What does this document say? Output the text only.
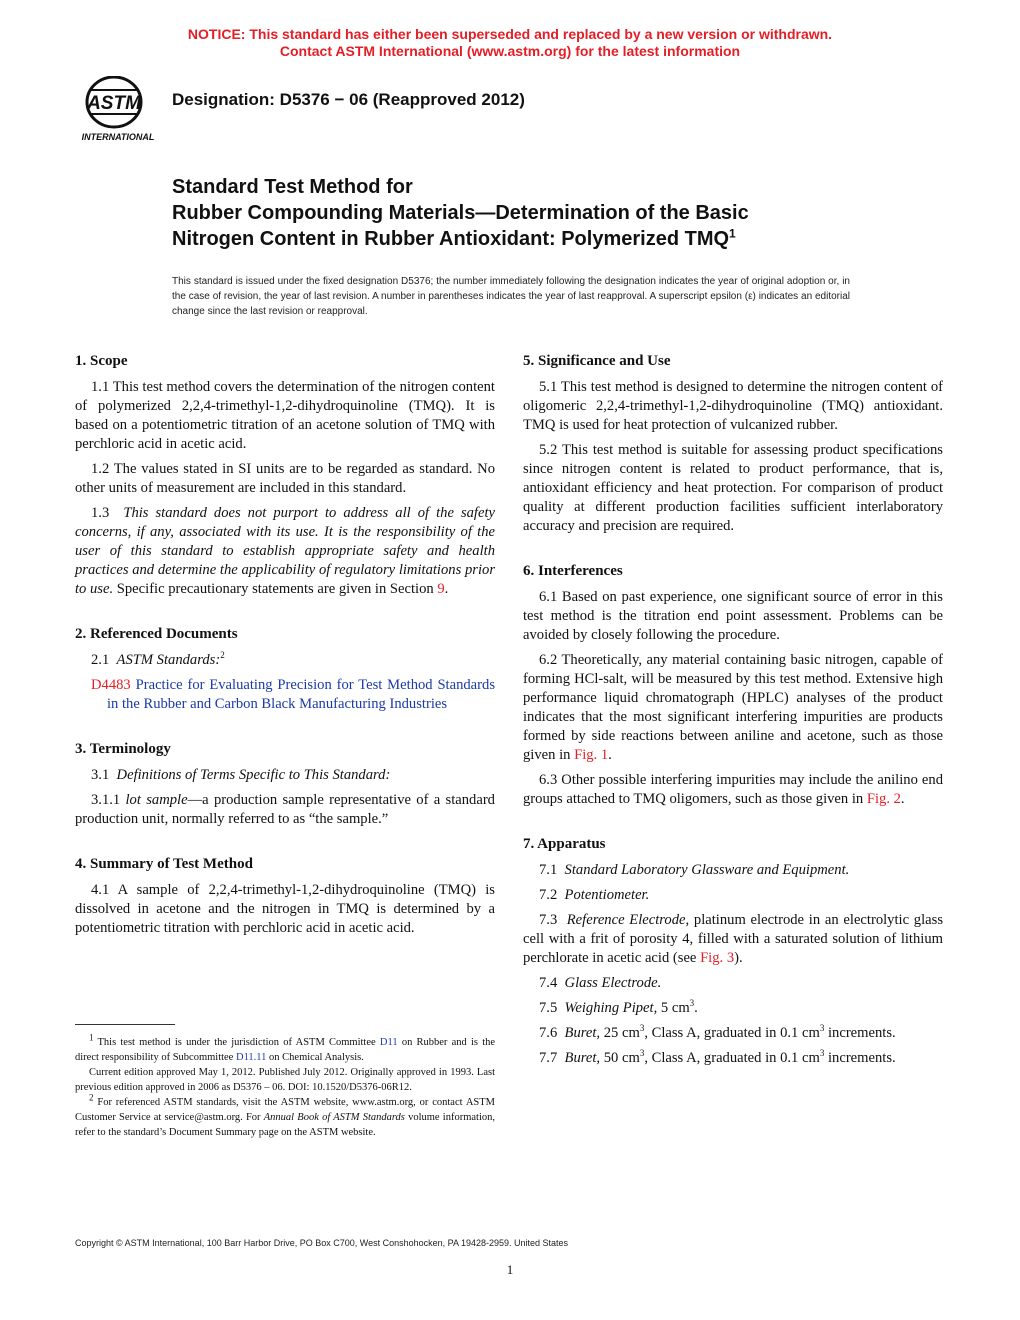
NOTICE: This standard has either been superseded and replaced by a new version or withdrawn.
Contact ASTM International (www.astm.org) for the latest information
ASTM
INTERNATIONAL
Designation: D5376 − 06 (Reapproved 2012)
Standard Test Method for
Rubber Compounding Materials—Determination of the Basic
Nitrogen Content in Rubber Antioxidant: Polymerized TMQ$^1$
This standard is issued under the fixed designation D5376; the number immediately following the designation indicates the year of original adoption or, in the case of revision, the year of last revision. A number in parentheses indicates the year of last reapproval. A superscript epsilon (ε) indicates an editorial change since the last revision or reapproval.
1. Scope

1.1 This test method covers the determination of the nitrogen content of polymerized 2,2,4-trimethyl-1,2-dihydroquinoline (TMQ). It is based on a potentiometric titration of an acetone solution of TMQ with perchloric acid in acetic acid.

1.2 The values stated in SI units are to be regarded as standard. No other units of measurement are included in this standard.

1.3 This standard does not purport to address all of the safety concerns, if any, associated with its use. It is the responsibility of the user of this standard to establish appropriate safety and health practices and determine the applicability of regulatory limitations prior to use. Specific precautionary statements are given in Section 9.

2. Referenced Documents

2.1 ASTM Standards:$^2$

D4483 Practice for Evaluating Precision for Test Method Standards in the Rubber and Carbon Black Manufacturing Industries

3. Terminology

3.1 Definitions of Terms Specific to This Standard:

3.1.1 lot sample—a production sample representative of a standard production unit, normally referred to as “the sample.”

4. Summary of Test Method

4.1 A sample of 2,2,4-trimethyl-1,2-dihydroquinoline (TMQ) is dissolved in acetone and the nitrogen in TMQ is determined by a potentiometric titration with perchloric acid in acetic acid.

5. Significance and Use

5.1 This test method is designed to determine the nitrogen content of oligomeric 2,2,4-trimethyl-1,2-dihydroquinoline (TMQ) antioxidant. TMQ is used for heat protection of vulcanized rubber.

5.2 This test method is suitable for assessing product specifications since nitrogen content is related to product performance, that is, antioxidant efficiency and heat protection. For comparison of product quality at different production facilities sufficient interlaboratory accuracy and precision are required.

6. Interferences

6.1 Based on past experience, one significant source of error in this test method is the titration end point assessment. Problems can be avoided by closely following the procedure.

6.2 Theoretically, any material containing basic nitrogen, capable of forming HCl-salt, will be measured by this test method. Extensive high performance liquid chromatograph (HPLC) analyses of the product indicates that the most significant interfering impurities are products formed by side reactions between aniline and acetone, such as those given in Fig. 1.

6.3 Other possible interfering impurities may include the anilino end groups attached to TMQ oligomers, such as those given in Fig. 2.

7. Apparatus

7.1 Standard Laboratory Glassware and Equipment.

7.2 Potentiometer.

7.3 Reference Electrode, platinum electrode in an electrolytic glass cell with a frit of porosity 4, filled with a saturated solution of lithium perchlorate in acetic acid (see Fig. 3).

7.4 Glass Electrode.

7.5 Weighing Pipet, 5 $cm^3$.

7.6 Buret, 25 $cm^3$, Class A, graduated in 0.1 $cm^3$ increments.

7.7 Buret, 50 $cm^3$, Class A, graduated in 0.1 $cm^3$ increments.

$^1$ This test method is under the jurisdiction of ASTM Committee D11 on Rubber and is the direct responsibility of Subcommittee D11.11 on Chemical Analysis.

Current edition approved May 1, 2012. Published July 2012. Originally approved in 1993. Last previous edition approved in 2006 as D5376 – 06. DOI: 10.1520/D5376-06R12.

$^2$ For referenced ASTM standards, visit the ASTM website, www.astm.org, or contact ASTM Customer Service at service@astm.org. For Annual Book of ASTM Standards volume information, refer to the standard’s Document Summary page on the ASTM website.

Copyright © ASTM International, 100 Barr Harbor Drive, PO Box C700, West Conshohocken, PA 19428-2959. United States
1
